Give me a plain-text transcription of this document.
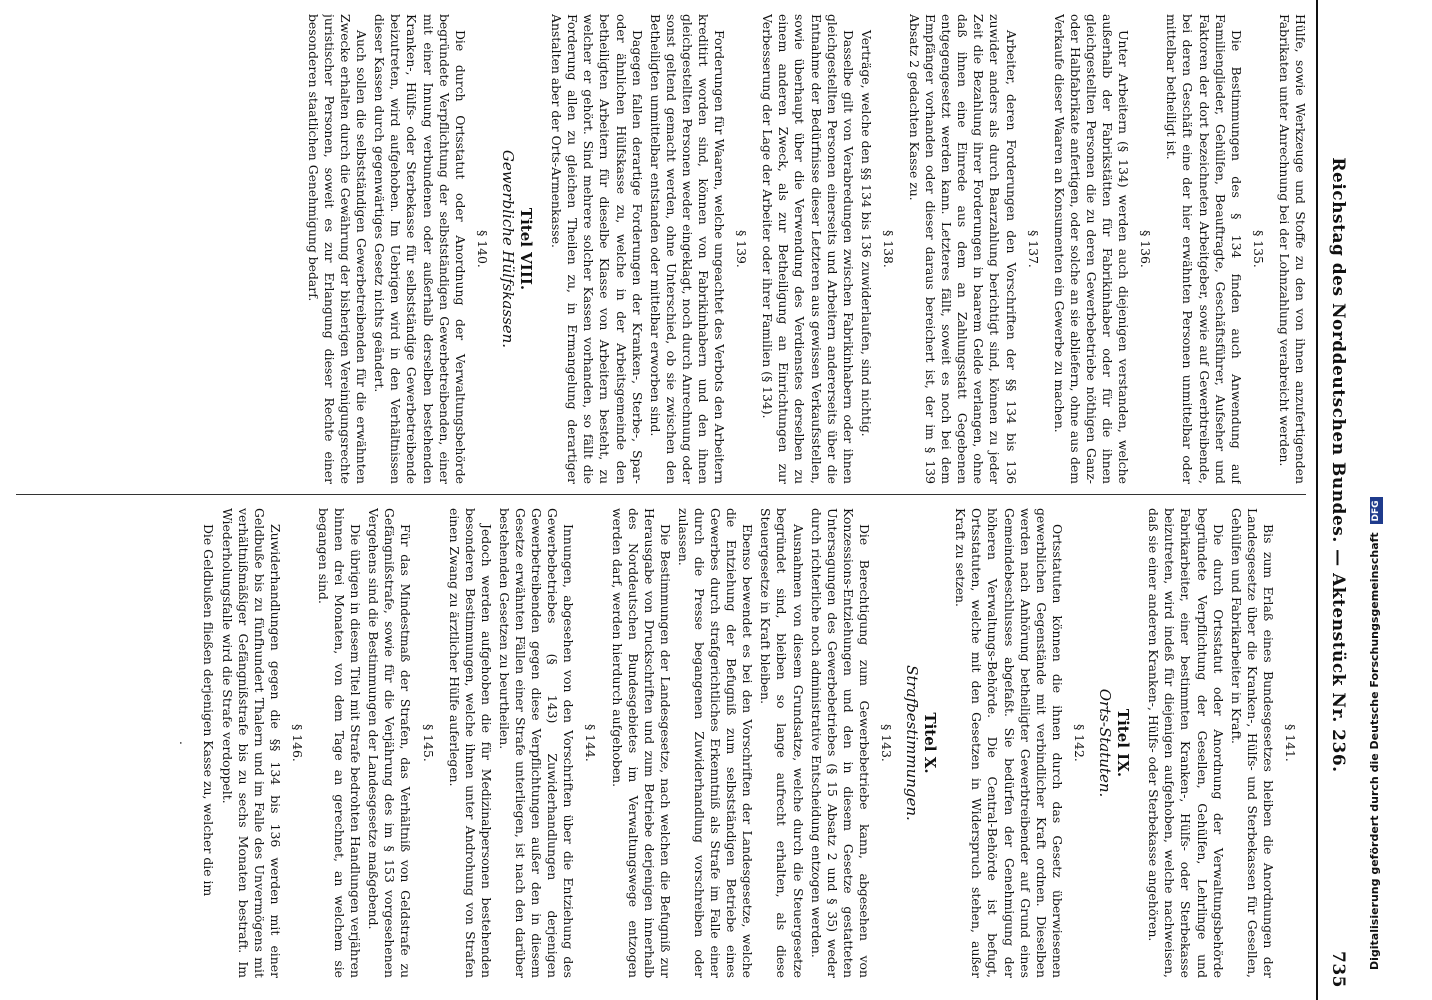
Reichstag des Norddeutschen Bundes. — Aktenstück Nr. 236.
735

Hülfe, sowie Werkzeuge und Stoffe zu den von ihnen anzufertigenden Fabrikaten unter Anrechnung bei der Lohnzahlung verabreicht werden.

§ 135.

Die Bestimmungen des § 134 finden auch Anwendung auf Familienglieder, Gehülfen, Beauftragte, Geschäftsführer, Aufseher und Faktoren der dort bezeichneten Arbeitgeber, sowie auf Gewerbtreibende, bei deren Geschäft eine der hier erwähnten Personen unmittelbar oder mittelbar betheiligt ist.

§ 136.

Unter Arbeitern (§ 134) werden auch diejenigen verstanden, welche außerhalb der Fabrikstätten für Fabrikinhaber oder für die ihnen gleichgestellten Personen die zu deren Gewerbebetriebe nöthigen Ganz- oder Halbfabrikate anfertigen, oder solche an sie abliefern, ohne aus dem Verkaufe dieser Waaren an Konsumenten ein Gewerbe zu machen.

§ 137.

Arbeiter, deren Forderungen den Vorschriften der §§ 134 bis 136 zuwider anders als durch Baarzahlung berichtigt sind, können zu jeder Zeit die Bezahlung ihrer Forderungen in baarem Gelde verlangen, ohne daß ihnen eine Einrede aus dem an Zahlungsstatt Gegebenen entgegengesetzt werden kann. Letzteres fällt, soweit es noch bei dem Empfänger vorhanden oder dieser daraus bereichert ist, der im § 139 Absatz 2 gedachten Kasse zu.

§ 138.

Verträge, welche den §§ 134 bis 136 zuwiderlaufen, sind nichtig.

Dasselbe gilt von Verabredungen zwischen Fabrikinhabern oder ihnen gleichgestellten Personen einerseits und Arbeitern andererseits über die Entnahme der Bedürfnisse dieser Letzteren aus gewissen Verkaufsstellen, sowie überhaupt über die Verwendung des Verdienstes derselben zu einem anderen Zweck, als zur Betheiligung an Einrichtungen zur Verbesserung der Lage der Arbeiter oder ihrer Familien (§ 134).

§ 139.

Forderungen für Waaren, welche ungeachtet des Verbots den Arbeitern kreditirt worden sind, können von Fabrikinhabern und den ihnen gleichgestellten Personen weder eingeklagt, noch durch Anrechnung oder sonst geltend gemacht werden, ohne Unterschied, ob sie zwischen den Betheiligten unmittelbar entstanden oder mittelbar erworben sind.

Dagegen fallen derartige Forderungen der Kranken-, Sterbe-, Spar- oder ähnlichen Hülfskasse zu, welche in der Arbeitsgemeinde den betheiligten Arbeitern für dieselbe Klasse von Arbeitern besteht, zu welcher er gehört. Sind mehrere solcher Kassen vorhanden, so fällt die Forderung allen zu gleichen Theilen zu, in Ermangelung derartiger Anstalten aber der Orts-Armenkasse.

Titel VIII.
Gewerbliche Hülfskassen.
§ 140.

Die durch Ortsstatut oder Anordnung der Verwaltungsbehörde begründete Verpflichtung der selbstständigen Gewerbetreibenden, einer mit einer Innung verbundenen oder außerhalb derselben bestehenden Kranken-, Hülfs- oder Sterbekasse für selbstständige Gewerbetreibende beizutreten, wird aufgehoben. Im Uebrigen wird in den Verhältnissen dieser Kassen durch gegenwärtiges Gesetz nichts geändert.

Auch sollen die selbstständigen Gewerbetreibenden für die erwähnten Zwecke erhalten durch die Gewährung der bisherigen Vereinigungsrechte juristischer Personen, soweit es zur Erlangung dieser Rechte einer besonderen staatlichen Genehmigung bedarf.

§ 141.

Bis zum Erlaß eines Bundesgesetzes bleiben die Anordnungen der Landesgesetze über die Kranken-, Hülfs- und Sterbekassen für Gesellen, Gehülfen und Fabrikarbeiter in Kraft.

Die durch Ortsstatut oder Anordnung der Verwaltungsbehörde begründete Verpflichtung der Gesellen, Gehülfen, Lehrlinge und Fabrikarbeiter, einer bestimmten Kranken-, Hülfs- oder Sterbekasse beizutreten, wird indeß für diejenigen aufgehoben, welche nachweisen, daß sie einer anderen Kranken-, Hülfs- oder Sterbekasse angehören.

Titel IX.
Orts-Statuten.
§ 142.

Ortsstatuten können die ihnen durch das Gesetz überwiesenen gewerblichen Gegenstände mit verbindlicher Kraft ordnen. Dieselben werden nach Anhörung betheiligter Gewerbtreibender auf Grund eines Gemeindebeschlusses abgefaßt. Sie bedürfen der Genehmigung der höheren Verwaltungs-Behörde. Die Central-Behörde ist befugt, Ortsstatuten, welche mit den Gesetzen in Widerspruch stehen, außer Kraft zu setzen.

Titel X.
Strafbestimmungen.
§ 143.

Die Berechtigung zum Gewerbebetriebe kann, abgesehen von Konzessions-Entziehungen und den in diesem Gesetze gestatteten Untersagungen des Gewerbebetriebes (§ 15 Absatz 2 und § 35) weder durch richterliche noch administrative Entscheidung entzogen werden.

Ausnahmen von diesem Grundsatze, welche durch die Steuergesetze begründet sind, bleiben so lange aufrecht erhalten, als diese Steuergesetze in Kraft bleiben.

Ebenso bewendet es bei den Vorschriften der Landesgesetze, welche die Entziehung der Befugniß zum selbstständigen Betriebe eines Gewerbes durch strafgerichtliches Erkenntniß als Strafe im Falle einer durch die Presse begangenen Zuwiderhandlung vorschreiben oder zulassen.

Die Bestimmungen der Landesgesetze, nach welchen die Befugniß zur Herausgabe von Druckschriften und zum Betriebe derjenigen innerhalb des Norddeutschen Bundesgebietes im Verwaltungswege entzogen werden darf, werden hierdurch aufgehoben.

§ 144.

Innungen, abgesehen von den Vorschriften über die Entziehung des Gewerbebetriebes (§ 143) Zuwiderhandlungen derjenigen Gewerbetreibenden gegen diese Verpflichtungen außer den in diesem Gesetze erwähnten Fällen einer Strafe unterliegen, ist nach den darüber bestehenden Gesetzen zu beurtheilen.

Jedoch werden aufgehoben die für Medizinalpersonen bestehenden besonderen Bestimmungen, welche ihnen unter Androhung von Strafen einen Zwang zu ärztlicher Hülfe auferlegen.

§ 145.

Für das Mindestmaß der Strafen, das Verhältniß von Geldstrafe zu Gefängnißstrafe, sowie für die Verjährung des im § 153 vorgesehenen Vergehens sind die Bestimmungen der Landesgesetze maßgebend.

Die übrigen in diesem Titel mit Strafe bedrohten Handlungen verjähren binnen drei Monaten, von dem Tage an gerechnet, an welchem sie begangen sind.

§ 146.

Zuwiderhandlungen gegen die §§ 134 bis 136 werden mit einer Geldbuße bis zu fünfhundert Thalern und im Falle des Unvermögens mit verhältnißmäßiger Gefängnißstrafe bis zu sechs Monaten bestraft. Im Wiederholungsfalle wird die Strafe verdoppelt.

Die Geldbußen fließen derjenigen Kasse zu, welcher die im

.	Digitalisierung gefördert durch die Deutsche Forschungsgemeinschaft DFG
